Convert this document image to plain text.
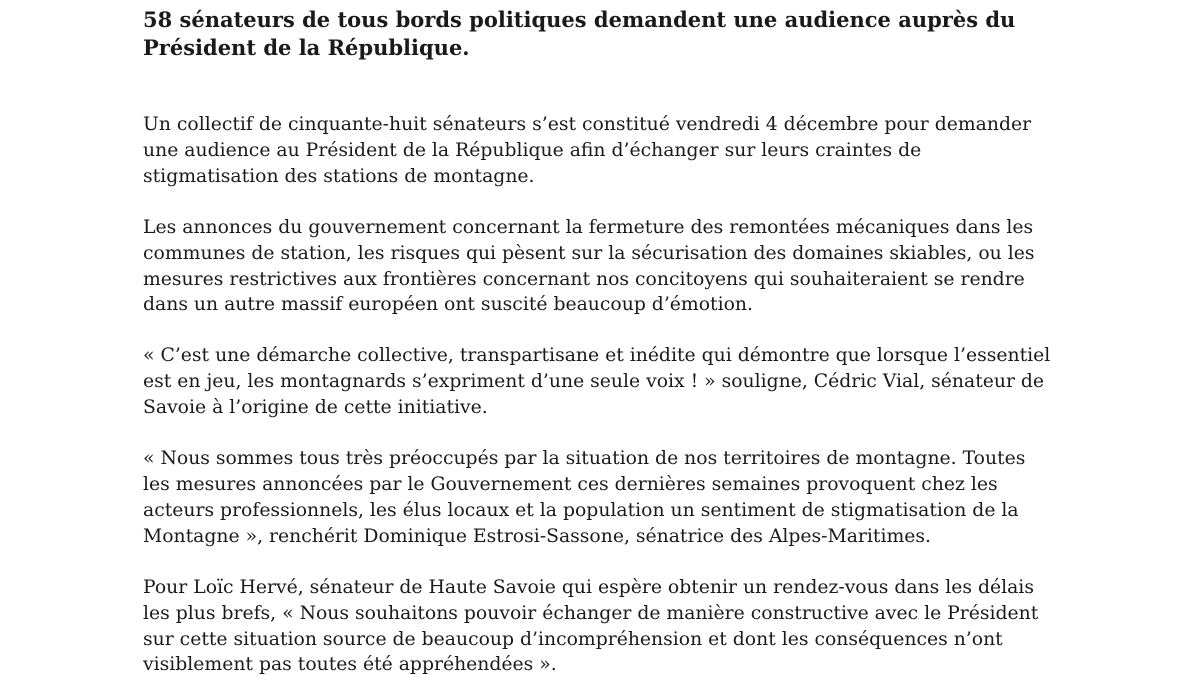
58 sénateurs de tous bords politiques demandent une audience auprès du Président de la République.

Un collectif de cinquante-huit sénateurs s’est constitué vendredi 4 décembre pour demander une audience au Président de la République afin d’échanger sur leurs craintes de stigmatisation des stations de montagne.

Les annonces du gouvernement concernant la fermeture des remontées mécaniques dans les communes de station, les risques qui pèsent sur la sécurisation des domaines skiables, ou les mesures restrictives aux frontières concernant nos concitoyens qui souhaiteraient se rendre dans un autre massif européen ont suscité beaucoup d’émotion.

« C’est une démarche collective, transpartisane et inédite qui démontre que lorsque l’essentiel est en jeu, les montagnards s’expriment d’une seule voix ! » souligne, Cédric Vial, sénateur de Savoie à l’origine de cette initiative.

« Nous sommes tous très préoccupés par la situation de nos territoires de montagne. Toutes les mesures annoncées par le Gouvernement ces dernières semaines provoquent chez les acteurs professionnels, les élus locaux et la population un sentiment de stigmatisation de la Montagne », renchérit Dominique Estrosi-Sassone, sénatrice des Alpes-Maritimes.

Pour Loïc Hervé, sénateur de Haute Savoie qui espère obtenir un rendez-vous dans les délais les plus brefs, « Nous souhaitons pouvoir échanger de manière constructive avec le Président sur cette situation source de beaucoup d’incompréhension et dont les conséquences n’ont visiblement pas toutes été appréhendées ».
